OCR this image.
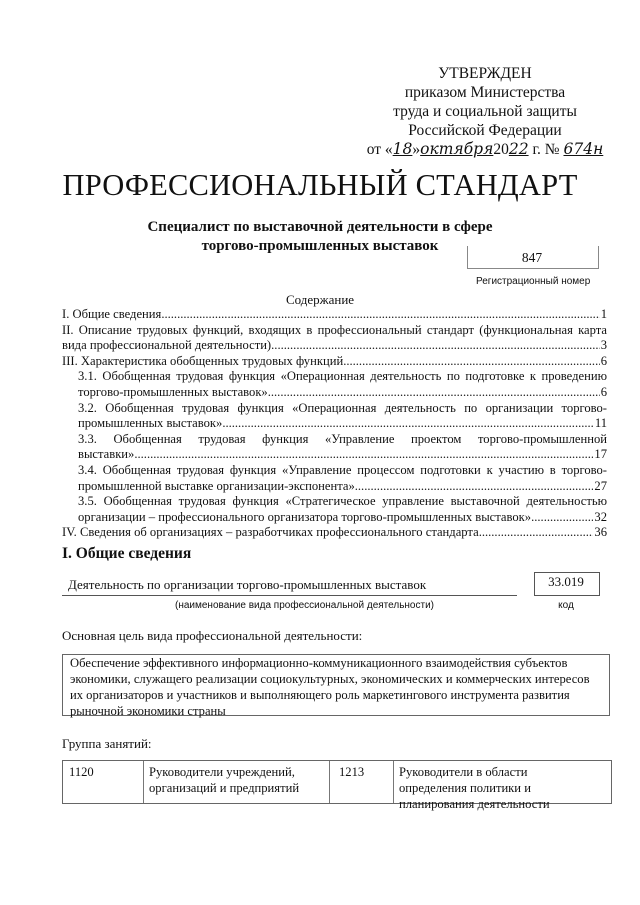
УТВЕРЖДЕН
приказом Министерства
труда и социальной защиты
Российской Федерации
от «18»октября2022 г. № 674н
ПРОФЕССИОНАЛЬНЫЙ СТАНДАРТ
Специалист по выставочной деятельности в сфере
торгово-промышленных выставок
847
Регистрационный номер
Содержание
I. Общие сведения .....	1
II. Описание трудовых функций, входящих в профессиональный стандарт (функциональная карта
вида профессиональной деятельности) .....	3
III. Характеристика обобщенных трудовых функций .....	6
3.1. Обобщенная трудовая функция «Операционная деятельность по подготовке к проведению
торгово-промышленных выставок» .....	6
3.2. Обобщенная трудовая функция «Операционная деятельность по организации торгово-
промышленных выставок» .....	11
3.3. Обобщенная трудовая функция «Управление проектом торгово-промышленной
выставки» .....	17
3.4. Обобщенная трудовая функция «Управление процессом подготовки к участию в торгово-
промышленной выставке организации-экспонента» .....	27
3.5. Обобщенная трудовая функция «Стратегическое управление выставочной деятельностью
организации – профессионального организатора торгово-промышленных выставок» .....	32
IV. Сведения об организациях – разработчиках профессионального стандарта .....	36
I. Общие сведения
Деятельность по организации торгово-промышленных выставок	33.019
(наименование вида профессиональной деятельности)	код
Основная цель вида профессиональной деятельности:
Обеспечение эффективного информационно-коммуникационного взаимодействия субъектов экономики, служащего реализации социокультурных, экономических и коммерческих интересов их организаторов и участников и выполняющего роль маркетингового инструмента развития рыночной экономики страны
Группа занятий:
1120	Руководители учреждений, организаций и предприятий
1213	Руководители в области определения политики и планирования деятельности
